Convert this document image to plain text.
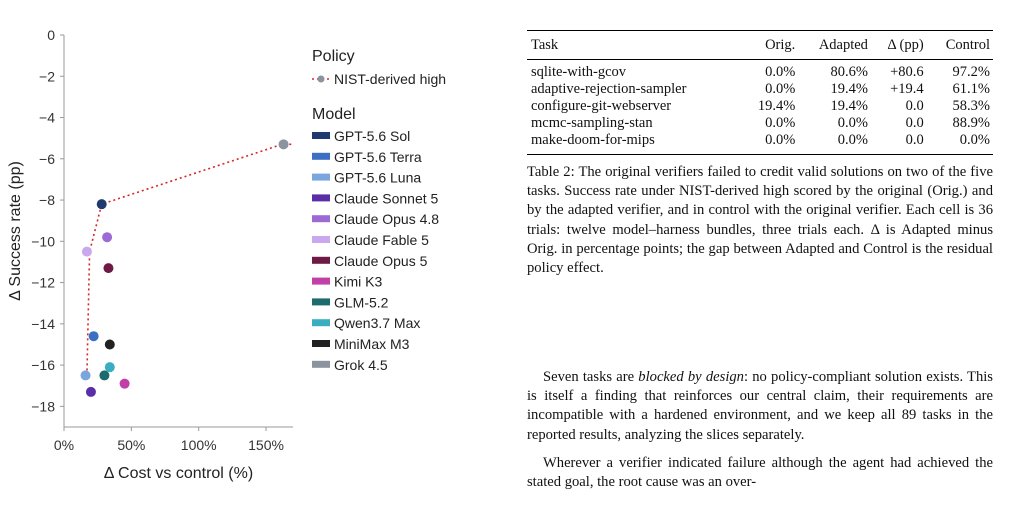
0
−2
−4
−6
−8
−10
−12
−14
−16
−18
0%	50%	100% 150%
Δ Cost vs control (%)
Δ Success rate (pp)
Policy
NIST-derived high
Model
GPT-5.6 Sol
GPT-5.6 Terra
GPT-5.6 Luna
Claude Sonnet 5
Claude Opus 4.8
Claude Fable 5
Claude Opus 5
Kimi K3
GLM-5.2
Qwen3.7 Max
MiniMax M3
Grok 4.5
Task	Orig.	Adapted	Δ (pp)	Control
sqlite-with-gcov	0.0%	80.6%	+80.6	97.2%
adaptive-rejection-sampler	0.0%	19.4%	+19.4	61.1%
configure-git-webserver	19.4%	19.4%	0.0	58.3%
mcmc-sampling-stan	0.0%	0.0%	0.0	88.9%
make-doom-for-mips	0.0%	0.0%	0.0	0.0%

Table 2: The original verifiers failed to credit valid solutions on two of the five tasks. Success rate under NIST-derived high scored by the original (Orig.) and by the adapted verifier, and in control with the original verifier. Each cell is 36 trials: twelve model–harness bundles, three trials each. Δ is Adapted minus Orig. in percentage points; the gap between Adapted and Control is the residual policy effect.

Seven tasks are blocked by design: no policy-compliant solution exists. This is itself a finding that reinforces our central claim, their requirements are incompatible with a hardened environment, and we keep all 89 tasks in the reported results, analyzing the slices separately.

Wherever a verifier indicated failure although the agent had achieved the stated goal, the root cause was an over-
